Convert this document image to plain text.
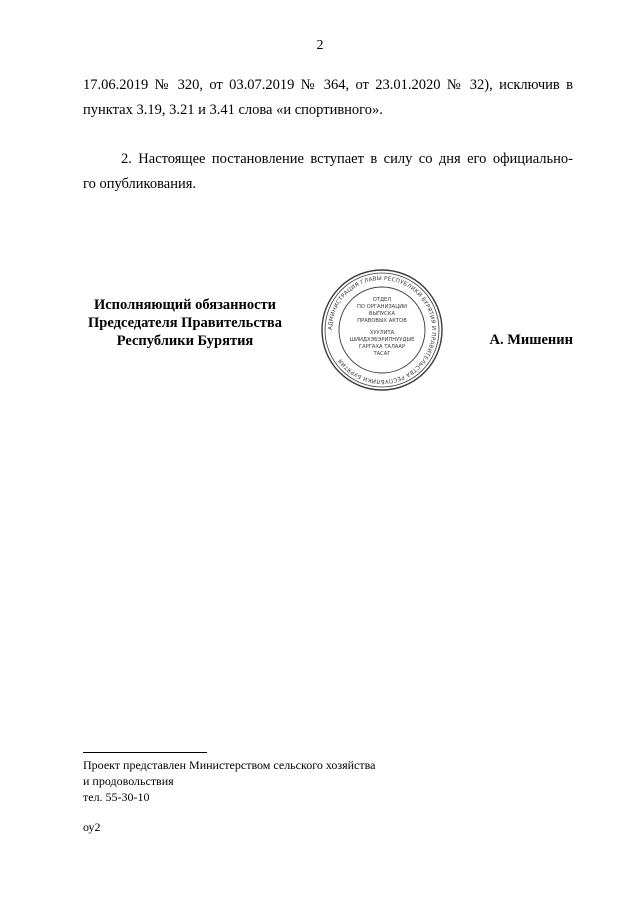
2
17.06.2019 № 320, от 03.07.2019 № 364, от 23.01.2020 № 32), исключив в
пунктах 3.19, 3.21 и 3.41 слова «и спортивного».
2. Настоящее постановление вступает в силу со дня его официально-
го опубликования.
Исполняющий обязанности
Председателя Правительства
Республики Бурятия
АДМИНИСТРАЦИЯ ГЛАВЫ РЕСПУБЛИКИ БУРЯТИЯ И ПРАВИТЕЛЬСТВА РЕСПУБЛИКИ БУРЯТИЯ
ОТДЕЛ
ПО ОРГАНИЗАЦИИ
ВЫПУСКА
ПРАВОВЫХ АКТОВ
ХУУЛИТА
ШИИДХЭБЭРИЛНУУДЫЕ
ГАРГАХА ТАЛААР
ТАСАГ
А. Мишенин
Проект представлен Министерством сельского хозяйства
и продовольствия
тел. 55-30-10
оу2
